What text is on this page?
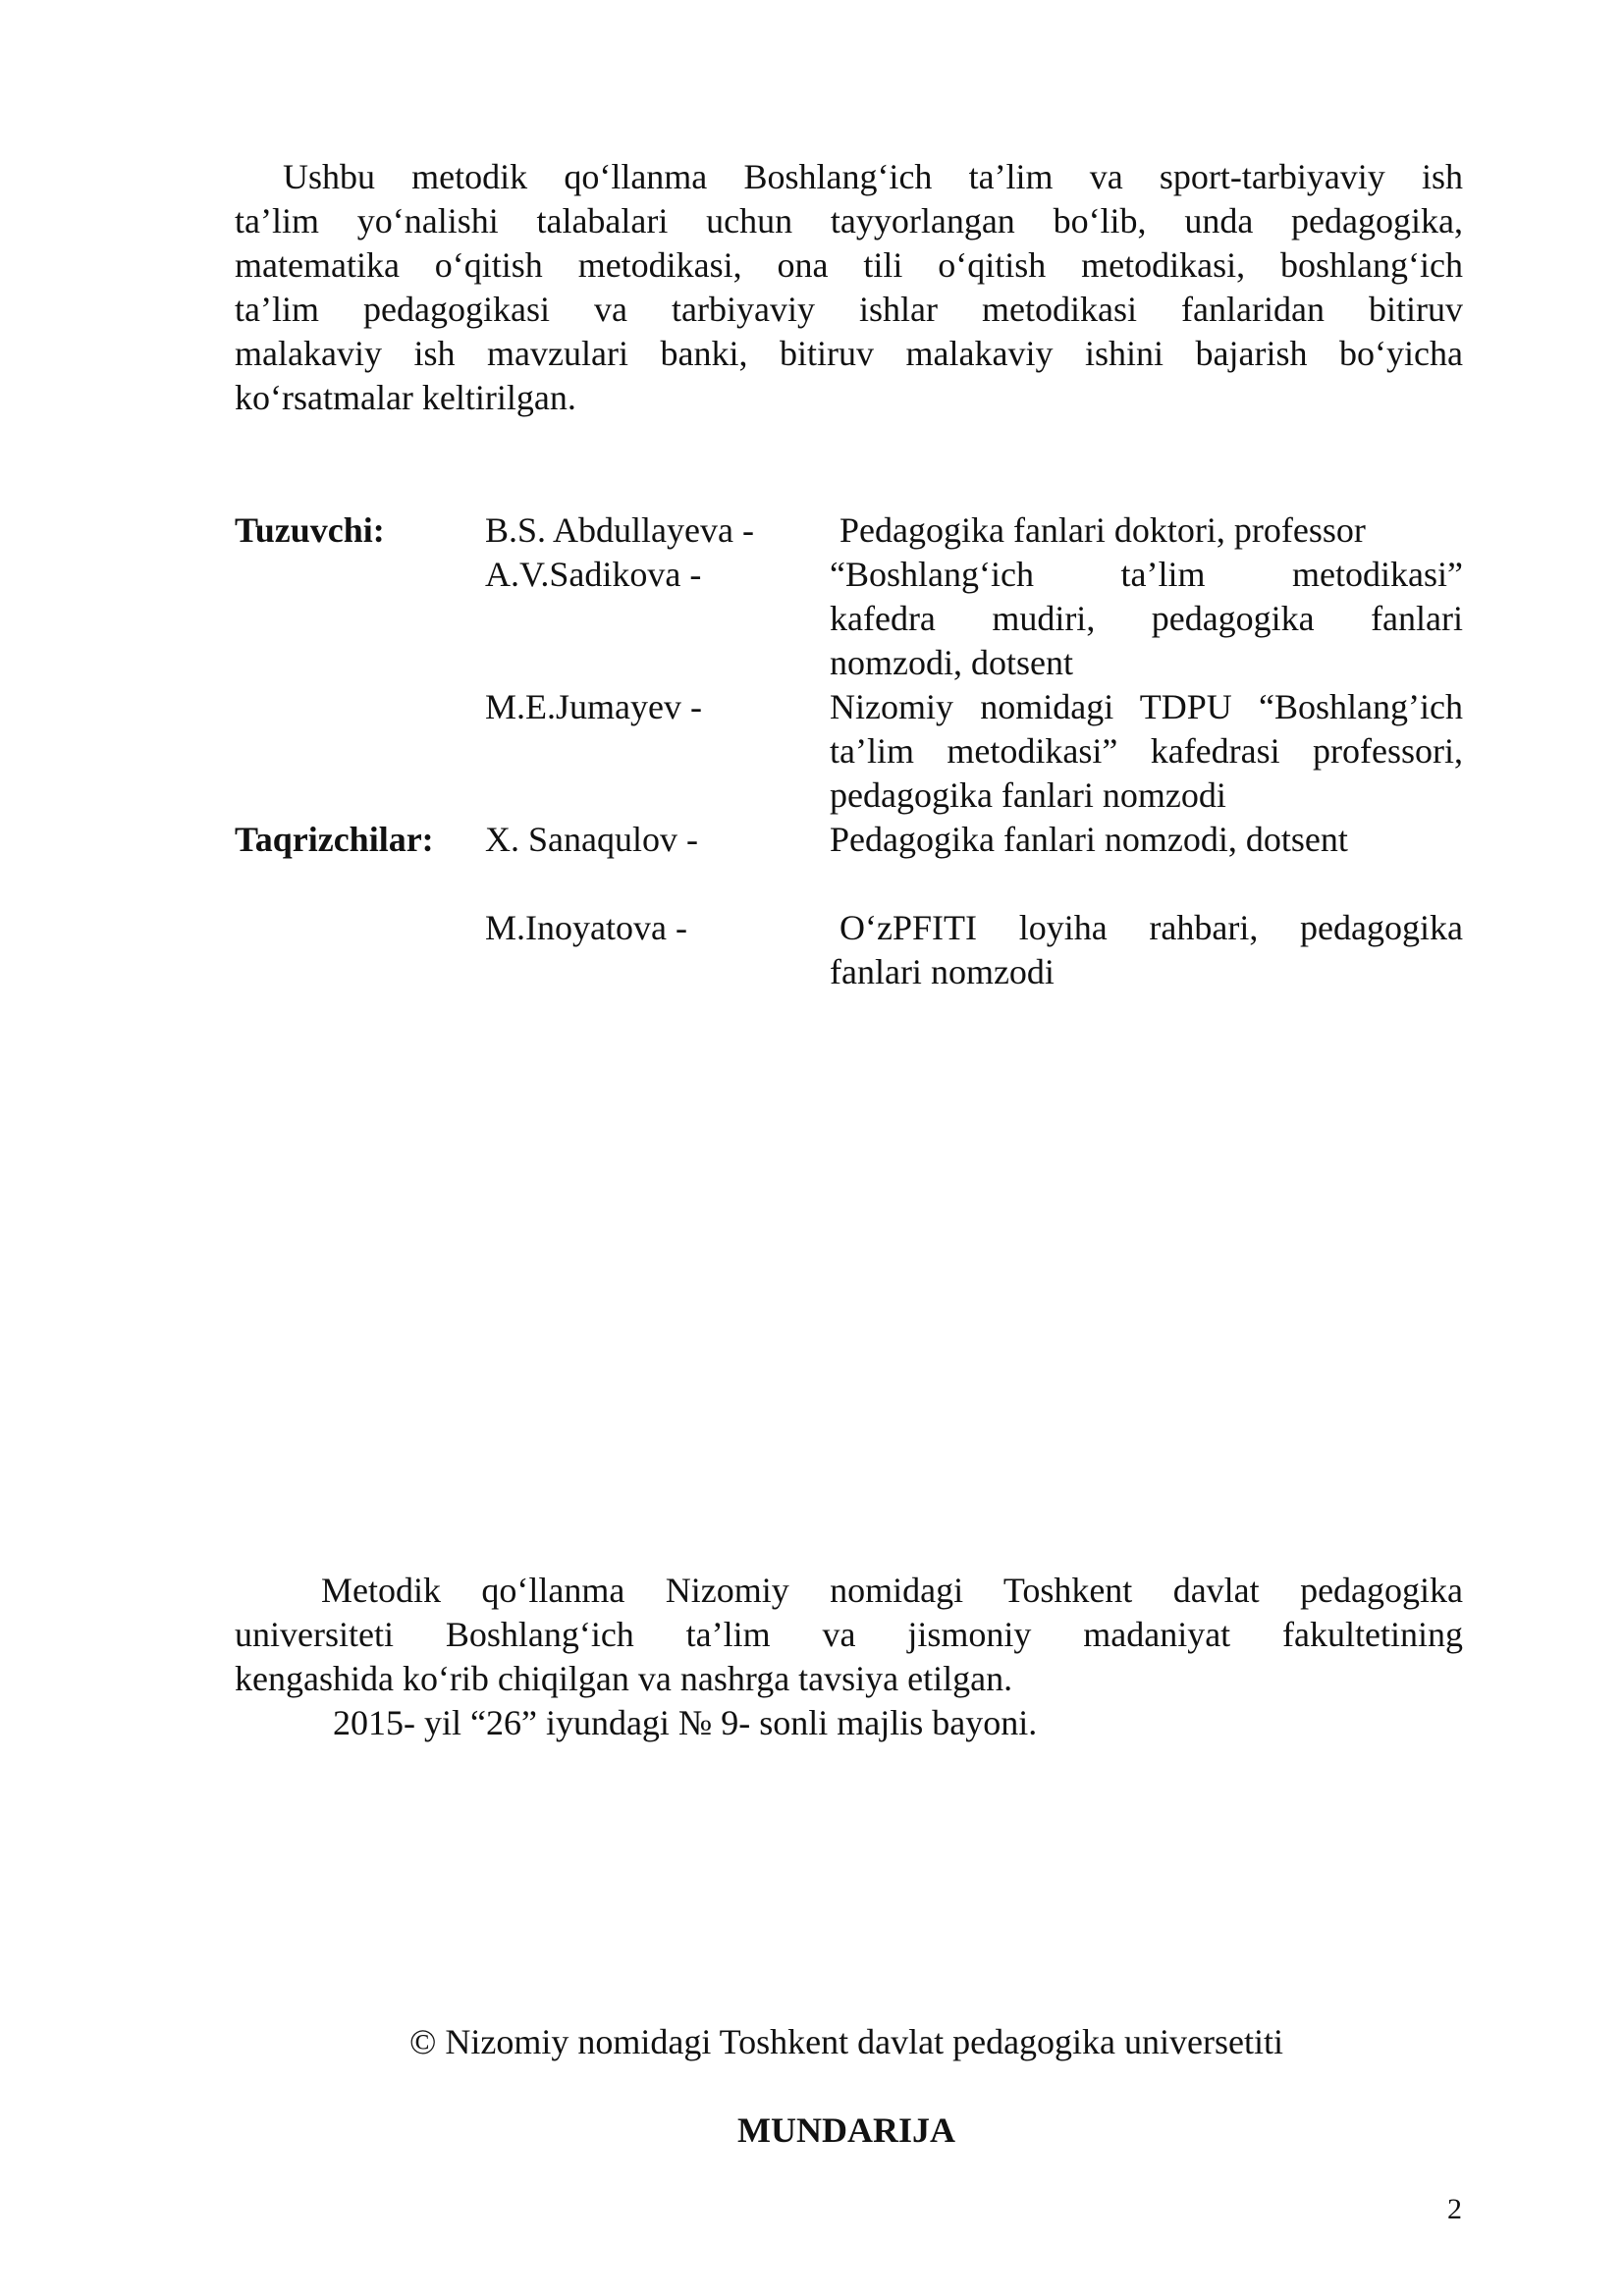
Ushbu metodik qo‘llanma Boshlang‘ich ta’lim va sport-tarbiyaviy ish

ta’lim yo‘nalishi talabalari uchun tayyorlangan bo‘lib, unda pedagogika,

matematika o‘qitish metodikasi, ona tili o‘qitish metodikasi, boshlang‘ich

ta’lim pedagogikasi va tarbiyaviy ishlar metodikasi fanlaridan bitiruv

malakaviy ish mavzulari banki, bitiruv malakaviy ishini bajarish bo‘yicha

ko‘rsatmalar keltirilgan.

Tuzuvchi:	B.S. Abdullayeva - Pedagogika fanlari doktori, professor

A.V.Sadikova -	“Boshlang‘ich ta’lim metodikasi”

kafedra mudiri, pedagogika fanlari

nomzodi, dotsent

M.E.Jumayev -	Nizomiy nomidagi TDPU “Boshlang’ich

ta’lim metodikasi” kafedrasi professori,

pedagogika fanlari nomzodi

Taqrizchilar: X. Sanaqulov -	Pedagogika fanlari nomzodi, dotsent

M.Inoyatova -	O‘zPFITI loyiha rahbari, pedagogika

fanlari nomzodi

Metodik qo‘llanma Nizomiy nomidagi Toshkent davlat pedagogika

universiteti Boshlang‘ich ta’lim va jismoniy madaniyat fakultetining

kengashida ko‘rib chiqilgan va nashrga tavsiya etilgan.

2015- yil “26” iyundagi № 9- sonli majlis bayoni.

© Nizomiy nomidagi Toshkent davlat pedagogika universetiti

MUNDARIJA

2
